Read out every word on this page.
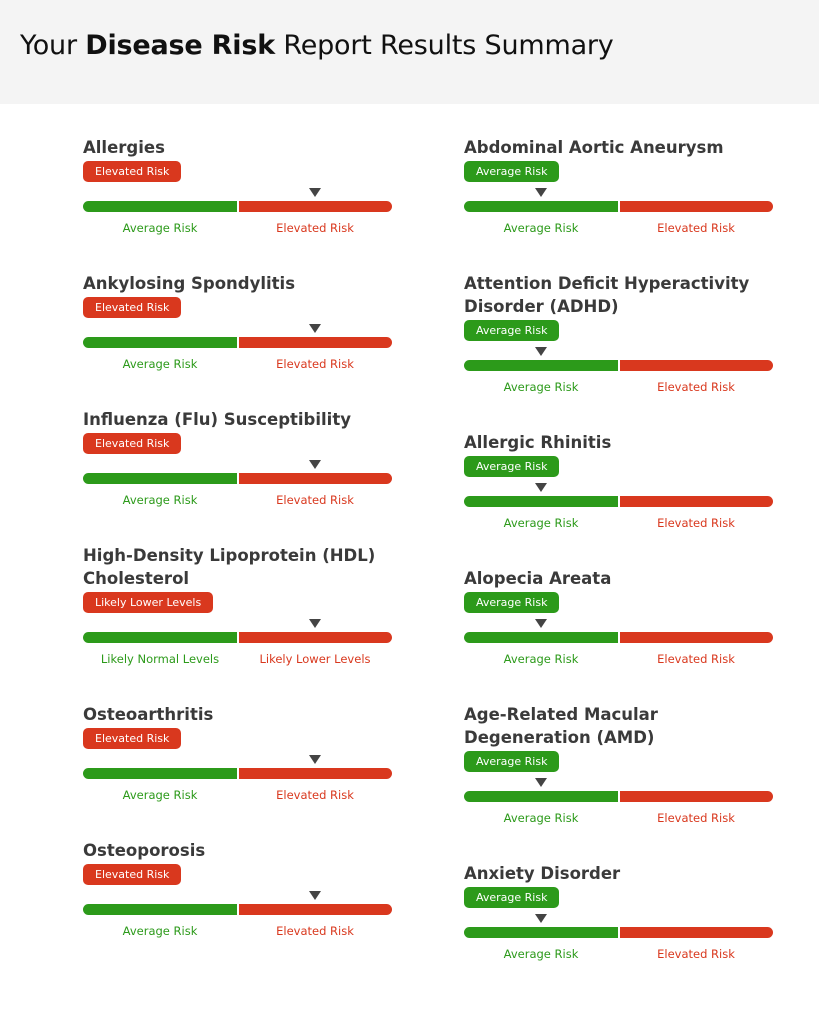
Your Disease Risk Report Results Summary
Allergies
Elevated Risk
Average Risk	Elevated Risk
Ankylosing Spondylitis
Elevated Risk
Average Risk	Elevated Risk
Influenza (Flu) Susceptibility
Elevated Risk
Average Risk	Elevated Risk
High-Density Lipoprotein (HDL) Cholesterol
Likely Lower Levels
Likely Normal Levels	Likely Lower Levels
Osteoarthritis
Elevated Risk
Average Risk	Elevated Risk
Osteoporosis
Elevated Risk
Average Risk	Elevated Risk
Abdominal Aortic Aneurysm
Average Risk
Average Risk	Elevated Risk
Attention Deficit Hyperactivity Disorder (ADHD)
Average Risk
Average Risk	Elevated Risk
Allergic Rhinitis
Average Risk
Average Risk	Elevated Risk
Alopecia Areata
Average Risk
Average Risk	Elevated Risk
Age-Related Macular Degeneration (AMD)
Average Risk
Average Risk	Elevated Risk
Anxiety Disorder
Average Risk
Average Risk	Elevated Risk
